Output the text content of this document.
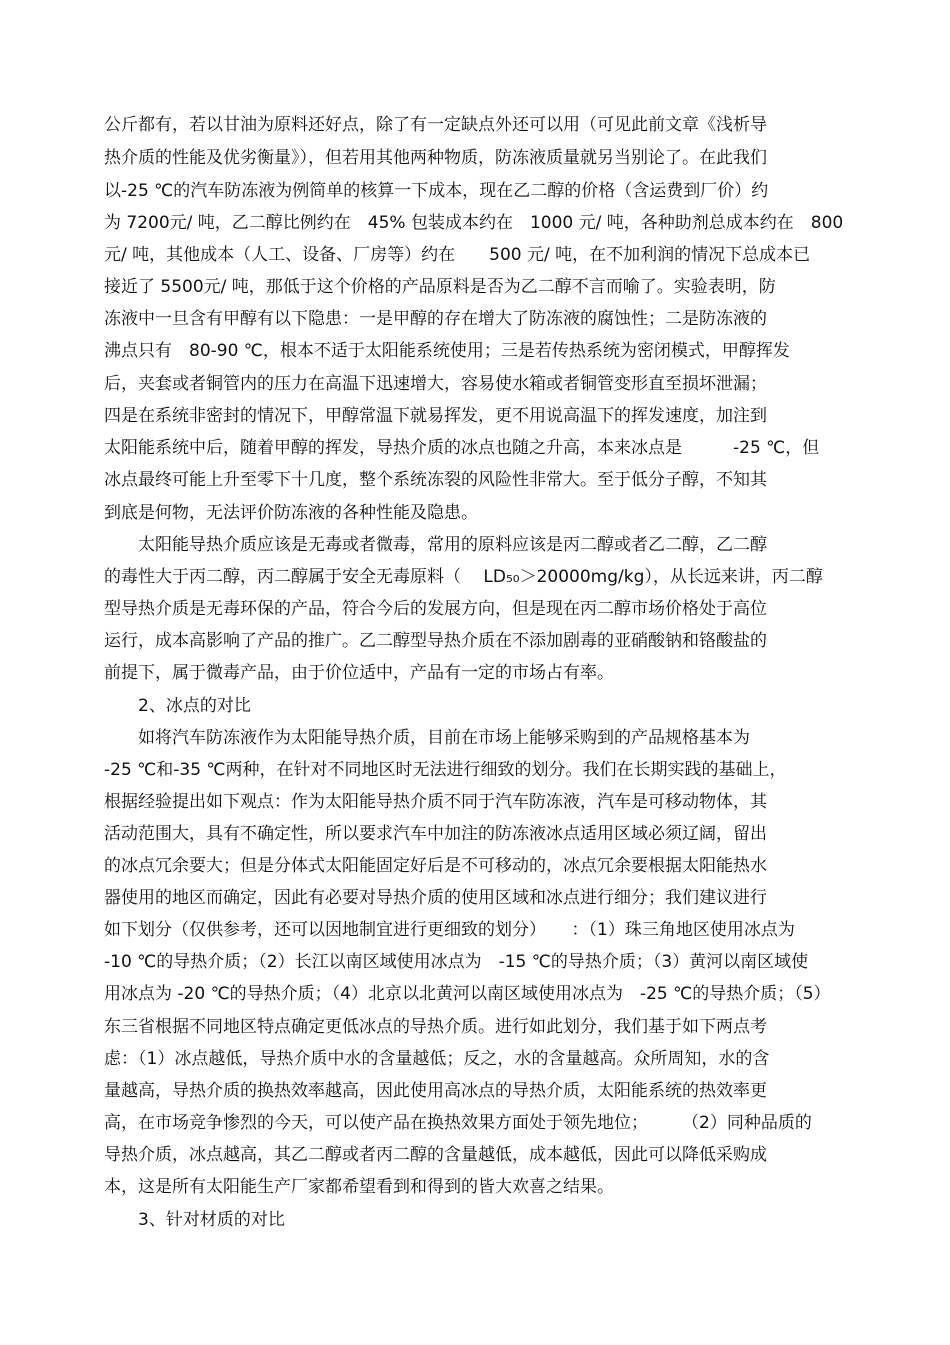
公斤都有，若以甘油为原料还好点，除了有一定缺点外还可以用（可见此前文章《浅析导
热介质的性能及优劣衡量》），但若用其他两种物质，防冻液质量就另当别论了。在此我们
以-25 ℃的汽车防冻液为例简单的核算一下成本，现在乙二醇的价格（含运费到厂价）约
为 7200元/ 吨，乙二醇比例约在　45% 包装成本约在　1000 元/ 吨，各种助剂总成本约在　800
元/ 吨，其他成本（人工、设备、厂房等）约在　　500 元/ 吨，在不加利润的情况下总成本已
接近了 5500元/ 吨，那低于这个价格的产品原料是否为乙二醇不言而喻了。实验表明，防
冻液中一旦含有甲醇有以下隐患：一是甲醇的存在增大了防冻液的腐蚀性；二是防冻液的
沸点只有　80-90 ℃，根本不适于太阳能系统使用；三是若传热系统为密闭模式，甲醇挥发
后，夹套或者铜管内的压力在高温下迅速增大，容易使水箱或者铜管变形直至损坏泄漏；
四是在系统非密封的情况下，甲醇常温下就易挥发，更不用说高温下的挥发速度，加注到
太阳能系统中后，随着甲醇的挥发，导热介质的冰点也随之升高，本来冰点是　　　-25 ℃，但
冰点最终可能上升至零下十几度，整个系统冻裂的风险性非常大。至于低分子醇，不知其
到底是何物，无法评价防冻液的各种性能及隐患。
太阳能导热介质应该是无毒或者微毒，常用的原料应该是丙二醇或者乙二醇，乙二醇
的毒性大于丙二醇，丙二醇属于安全无毒原料（　 LD₅₀＞20000mg/kg），从长远来讲，丙二醇
型导热介质是无毒环保的产品，符合今后的发展方向，但是现在丙二醇市场价格处于高位
运行，成本高影响了产品的推广。乙二醇型导热介质在不添加剧毒的亚硝酸钠和铬酸盐的
前提下，属于微毒产品，由于价位适中，产品有一定的市场占有率。
2、冰点的对比
如将汽车防冻液作为太阳能导热介质，目前在市场上能够采购到的产品规格基本为
-25 ℃和-35 ℃两种，在针对不同地区时无法进行细致的划分。我们在长期实践的基础上，
根据经验提出如下观点：作为太阳能导热介质不同于汽车防冻液，汽车是可移动物体，其
活动范围大，具有不确定性，所以要求汽车中加注的防冻液冰点适用区域必须辽阔，留出
的冰点冗余要大；但是分体式太阳能固定好后是不可移动的，冰点冗余要根据太阳能热水
器使用的地区而确定，因此有必要对导热介质的使用区域和冰点进行细分；我们建议进行
如下划分（仅供参考，还可以因地制宜进行更细致的划分）　　：（1）珠三角地区使用冰点为
-10 ℃的导热介质；（2）长江以南区域使用冰点为　-15 ℃的导热介质；（3）黄河以南区域使
用冰点为 -20 ℃的导热介质；（4）北京以北黄河以南区域使用冰点为　-25 ℃的导热介质；（5）
东三省根据不同地区特点确定更低冰点的导热介质。进行如此划分，我们基于如下两点考
虑：（1）冰点越低，导热介质中水的含量越低；反之，水的含量越高。众所周知，水的含
量越高，导热介质的换热效率越高，因此使用高冰点的导热介质，太阳能系统的热效率更
高，在市场竞争惨烈的今天，可以使产品在换热效果方面处于领先地位；　　　（2）同种品质的
导热介质，冰点越高，其乙二醇或者丙二醇的含量越低，成本越低，因此可以降低采购成
本，这是所有太阳能生产厂家都希望看到和得到的皆大欢喜之结果。
3、针对材质的对比
